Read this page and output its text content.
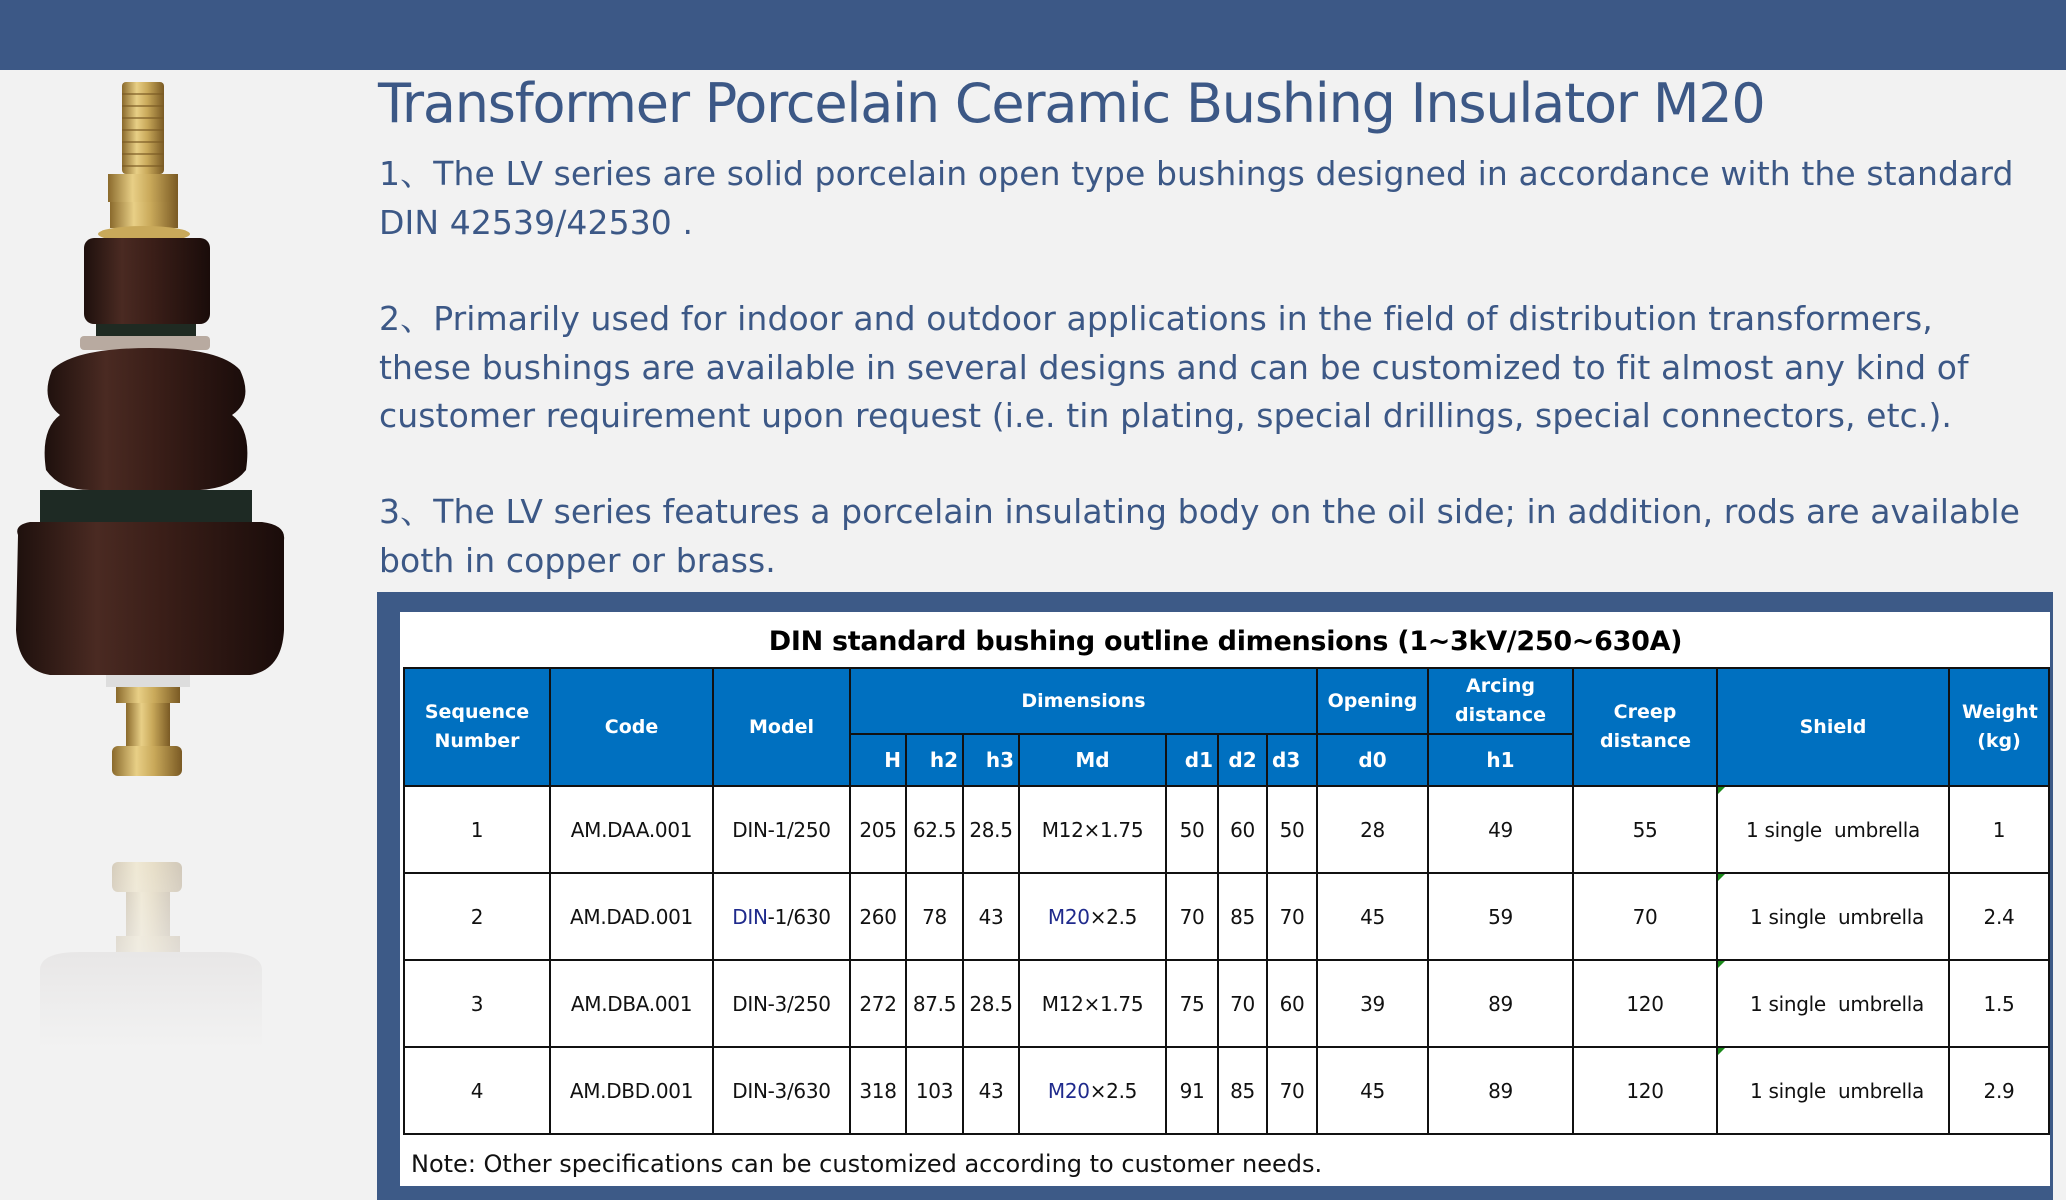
Transformer Porcelain Ceramic Bushing Insulator M20

1、The LV series are solid porcelain open type bushings designed in accordance with the standard
DIN 42539/42530 .

2、Primarily used for indoor and outdoor applications in the field of distribution transformers,
these bushings are available in several designs and can be customized to fit almost any kind of
customer requirement upon request (i.e. tin plating, special drillings, special connectors, etc.).

3、The LV series features a porcelain insulating body on the oil side; in addition, rods are available
both in copper or brass.

DIN standard bushing outline dimensions (1~3kV/250~630A)
Sequence Number	Code	Model	Dimensions							Opening	Arcing distance	Creep distance	Shield	Weight (kg)
			H	h2	h3	Md	d1	d2	d3	d0	h1			
1	AM.DAA.001	DIN-1/250	205	62.5	28.5	M12×1.75	50	60	50	28	49	55	1 single  umbrella	1
2	AM.DAD.001	DIN-1/630	260	78	43	M20×2.5	70	85	70	45	59	70	1 single  umbrella	2.4
3	AM.DBA.001	DIN-3/250	272	87.5	28.5	M12×1.75	75	70	60	39	89	120	1 single  umbrella	1.5
4	AM.DBD.001	DIN-3/630	318	103	43	M20×2.5	91	85	70	45	89	120	1 single  umbrella	2.9
Note: Other specifications can be customized according to customer needs.
